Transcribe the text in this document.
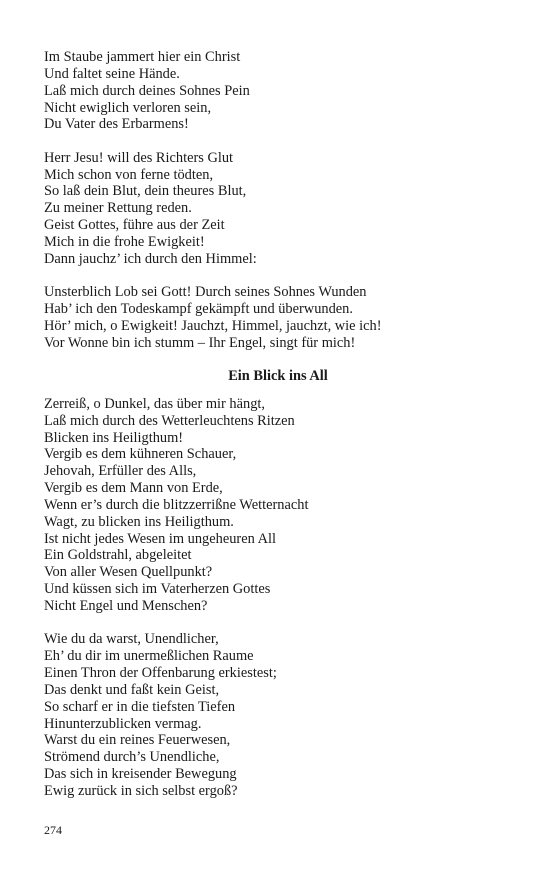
Im Staube jammert hier ein Christ
Und faltet seine Hände.
Laß mich durch deines Sohnes Pein
Nicht ewiglich verloren sein,
Du Vater des Erbarmens!
Herr Jesu! will des Richters Glut
Mich schon von ferne tödten,
So laß dein Blut, dein theures Blut,
Zu meiner Rettung reden.
Geist Gottes, führe aus der Zeit
Mich in die frohe Ewigkeit!
Dann jauchz’ ich durch den Himmel:
Unsterblich Lob sei Gott! Durch seines Sohnes Wunden
Hab’ ich den Todeskampf gekämpft und überwunden.
Hör’ mich, o Ewigkeit! Jauchzt, Himmel, jauchzt, wie ich!
Vor Wonne bin ich stumm – Ihr Engel, singt für mich!
Ein Blick ins All
Zerreiß, o Dunkel, das über mir hängt,
Laß mich durch des Wetterleuchtens Ritzen
Blicken ins Heiligthum!
Vergib es dem kühneren Schauer,
Jehovah, Erfüller des Alls,
Vergib es dem Mann von Erde,
Wenn er’s durch die blitzzerrißne Wetternacht
Wagt, zu blicken ins Heiligthum.
Ist nicht jedes Wesen im ungeheuren All
Ein Goldstrahl, abgeleitet
Von aller Wesen Quellpunkt?
Und küssen sich im Vaterherzen Gottes
Nicht Engel und Menschen?
Wie du da warst, Unendlicher,
Eh’ du dir im unermeßlichen Raume
Einen Thron der Offenbarung erkiestest;
Das denkt und faßt kein Geist,
So scharf er in die tiefsten Tiefen
Hinunterzublicken vermag.
Warst du ein reines Feuerwesen,
Strömend durch’s Unendliche,
Das sich in kreisender Bewegung
Ewig zurück in sich selbst ergoß?
274
